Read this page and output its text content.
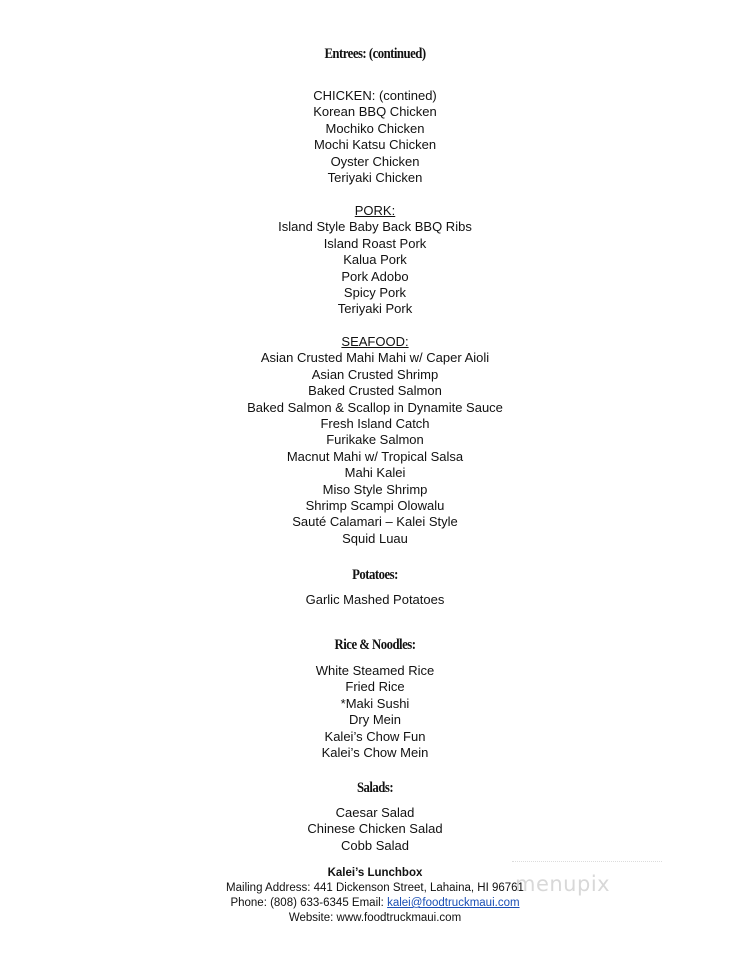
Entrees: (continued)
CHICKEN: (contined)
Korean BBQ Chicken
Mochiko Chicken
Mochi Katsu Chicken
Oyster Chicken
Teriyaki Chicken
PORK:
Island Style Baby Back BBQ Ribs
Island Roast Pork
Kalua Pork
Pork Adobo
Spicy Pork
Teriyaki Pork
SEAFOOD:
Asian Crusted Mahi Mahi w/ Caper Aioli
Asian Crusted Shrimp
Baked Crusted Salmon
Baked Salmon & Scallop in Dynamite Sauce
Fresh Island Catch
Furikake Salmon
Macnut Mahi w/ Tropical Salsa
Mahi Kalei
Miso Style Shrimp
Shrimp Scampi Olowalu
Sauté Calamari – Kalei Style
Squid Luau
Potatoes:
Garlic Mashed Potatoes
Rice & Noodles:
White Steamed Rice
Fried Rice
*Maki Sushi
Dry Mein
Kalei’s Chow Fun
Kalei’s Chow Mein
Salads:
Caesar Salad
Chinese Chicken Salad
Cobb Salad
Kalei’s Lunchbox
Mailing Address: 441 Dickenson Street, Lahaina, HI 96761
Phone: (808) 633-6345 Email: kalei@foodtruckmaui.com
Website: www.foodtruckmaui.com
menupix
